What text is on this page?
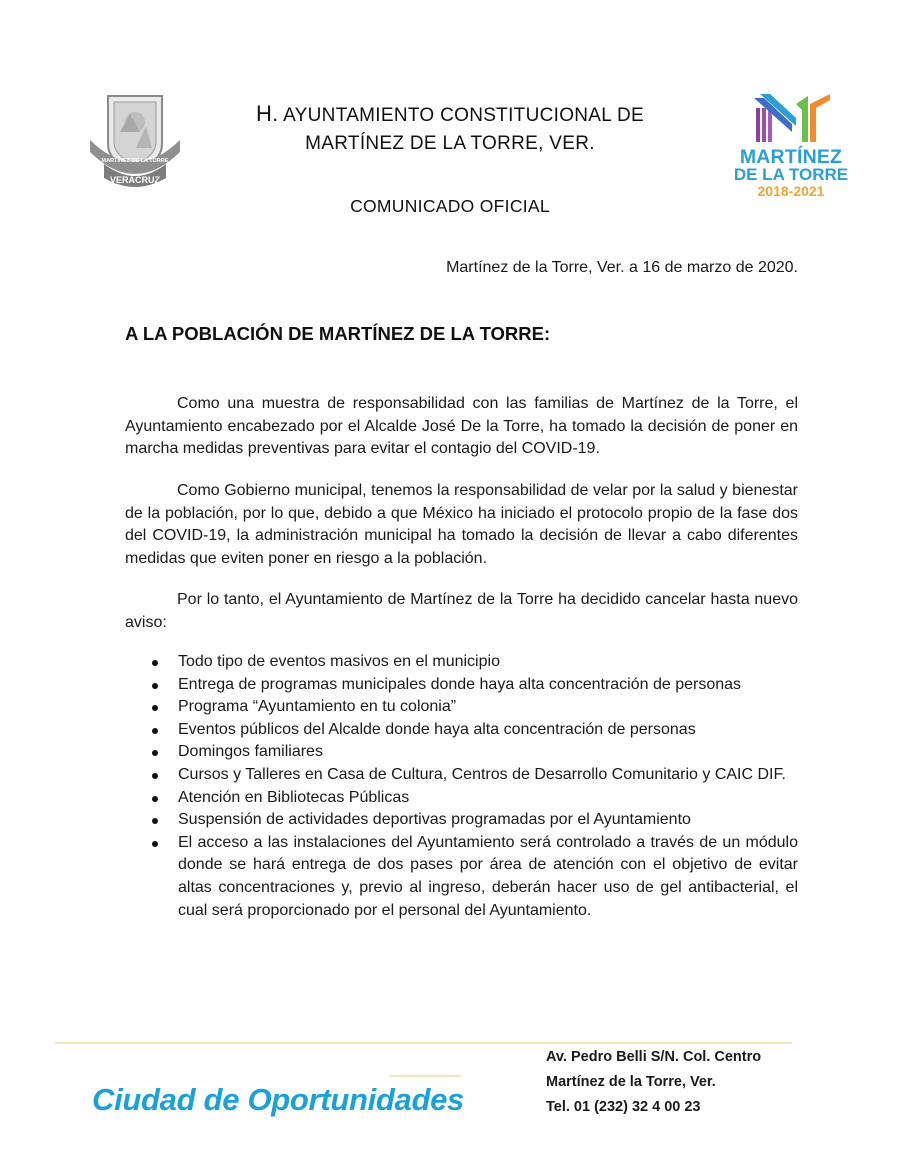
VERACRUZ
MARTÍNEZ DE LA TORRE
H. AYUNTAMIENTO CONSTITUCIONAL DE
MARTÍNEZ DE LA TORRE, VER.
COMUNICADO OFICIAL
MARTÍNEZ
DE LA TORRE
2018-2021
Martínez de la Torre, Ver. a 16 de marzo de 2020.
A LA POBLACIÓN DE MARTÍNEZ DE LA TORRE:
Como una muestra de responsabilidad con las familias de Martínez de la Torre, el Ayuntamiento encabezado por el Alcalde José De la Torre, ha tomado la decisión de poner en marcha medidas preventivas para evitar el contagio del COVID-19.
Como Gobierno municipal, tenemos la responsabilidad de velar por la salud y bienestar de la población, por lo que, debido a que México ha iniciado el protocolo propio de la fase dos del COVID-19, la administración municipal ha tomado la decisión de llevar a cabo diferentes medidas que eviten poner en riesgo a la población.
Por lo tanto, el Ayuntamiento de Martínez de la Torre ha decidido cancelar hasta nuevo aviso:
Todo tipo de eventos masivos en el municipio
Entrega de programas municipales donde haya alta concentración de personas
Programa “Ayuntamiento en tu colonia”
Eventos públicos del Alcalde donde haya alta concentración de personas
Domingos familiares
Cursos y Talleres en Casa de Cultura, Centros de Desarrollo Comunitario y CAIC DIF.
Atención en Bibliotecas Públicas
Suspensión de actividades deportivas programadas por el Ayuntamiento
El acceso a las instalaciones del Ayuntamiento será controlado a través de un módulo donde se hará entrega de dos pases por área de atención con el objetivo de evitar altas concentraciones y, previo al ingreso, deberán hacer uso de gel antibacterial, el cual será proporcionado por el personal del Ayuntamiento.
Ciudad de Oportunidades
Av. Pedro Belli S/N. Col. Centro
Martínez de la Torre, Ver.
Tel. 01 (232) 32 4 00 23
